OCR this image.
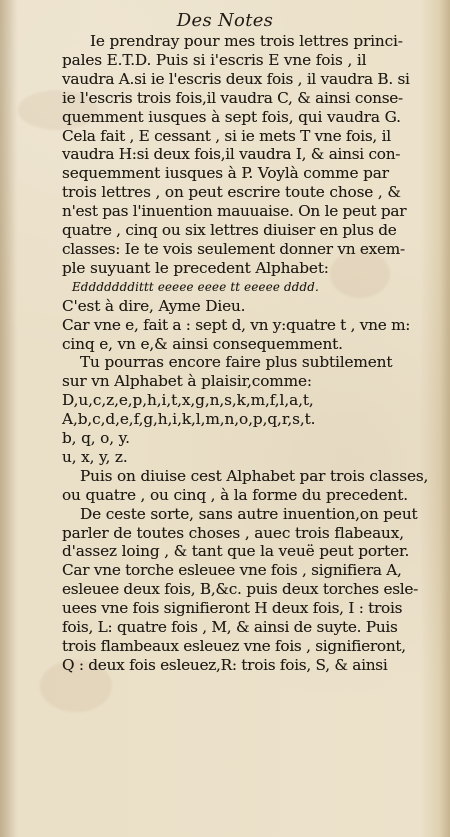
Des Notes
Ie prendray pour mes trois lettres princi-
pales E.T.D. Puis si i'escris E vne fois , il
vaudra A.si ie l'escris deux fois , il vaudra B. si
ie l'escris trois fois,il vaudra C, & ainsi conse-
quemment iusques à sept fois, qui vaudra G.
Cela fait , E cessant , si ie mets T vne fois, il
vaudra H:si deux fois,il vaudra I, & ainsi con-
sequemment iusques à P. Voylà comme par
trois lettres , on peut escrire toute chose , &
n'est pas l'inuention mauuaise. On le peut par
quatre , cinq ou six lettres diuiser en plus de
classes: Ie te vois seulement donner vn exem-
ple suyuant le precedent Alphabet:
Edddddddittt eeeee eeee tt eeeee dddd.
C'est à dire, Ayme Dieu.
Car vne e, fait a : sept d, vn y:quatre t , vne m:
cinq e, vn e,& ainsi consequemment.
Tu pourras encore faire plus subtilement
sur vn Alphabet à plaisir,comme:
D,u,c,z,e,p,h,i,t,x,g,n,s,k,m,f,l,a,t,
A,b,c,d,e,f,g,h,i,k,l,m,n,o,p,q,r,s,t.
b, q, o, y.
u, x, y, z.
Puis on diuise cest Alphabet par trois classes,
ou quatre , ou cinq , à la forme du precedent.
De ceste sorte, sans autre inuention,on peut
parler de toutes choses , auec trois flabeaux,
d'assez loing , & tant que la veuë peut porter.
Car vne torche esleuee vne fois , signifiera A,
esleuee deux fois, B,&c. puis deux torches esle-
uees vne fois signifieront H deux fois, I : trois
fois, L: quatre fois , M, & ainsi de suyte. Puis
trois flambeaux esleuez vne fois , signifieront,
Q : deux fois esleuez,R: trois fois, S, & ainsi
